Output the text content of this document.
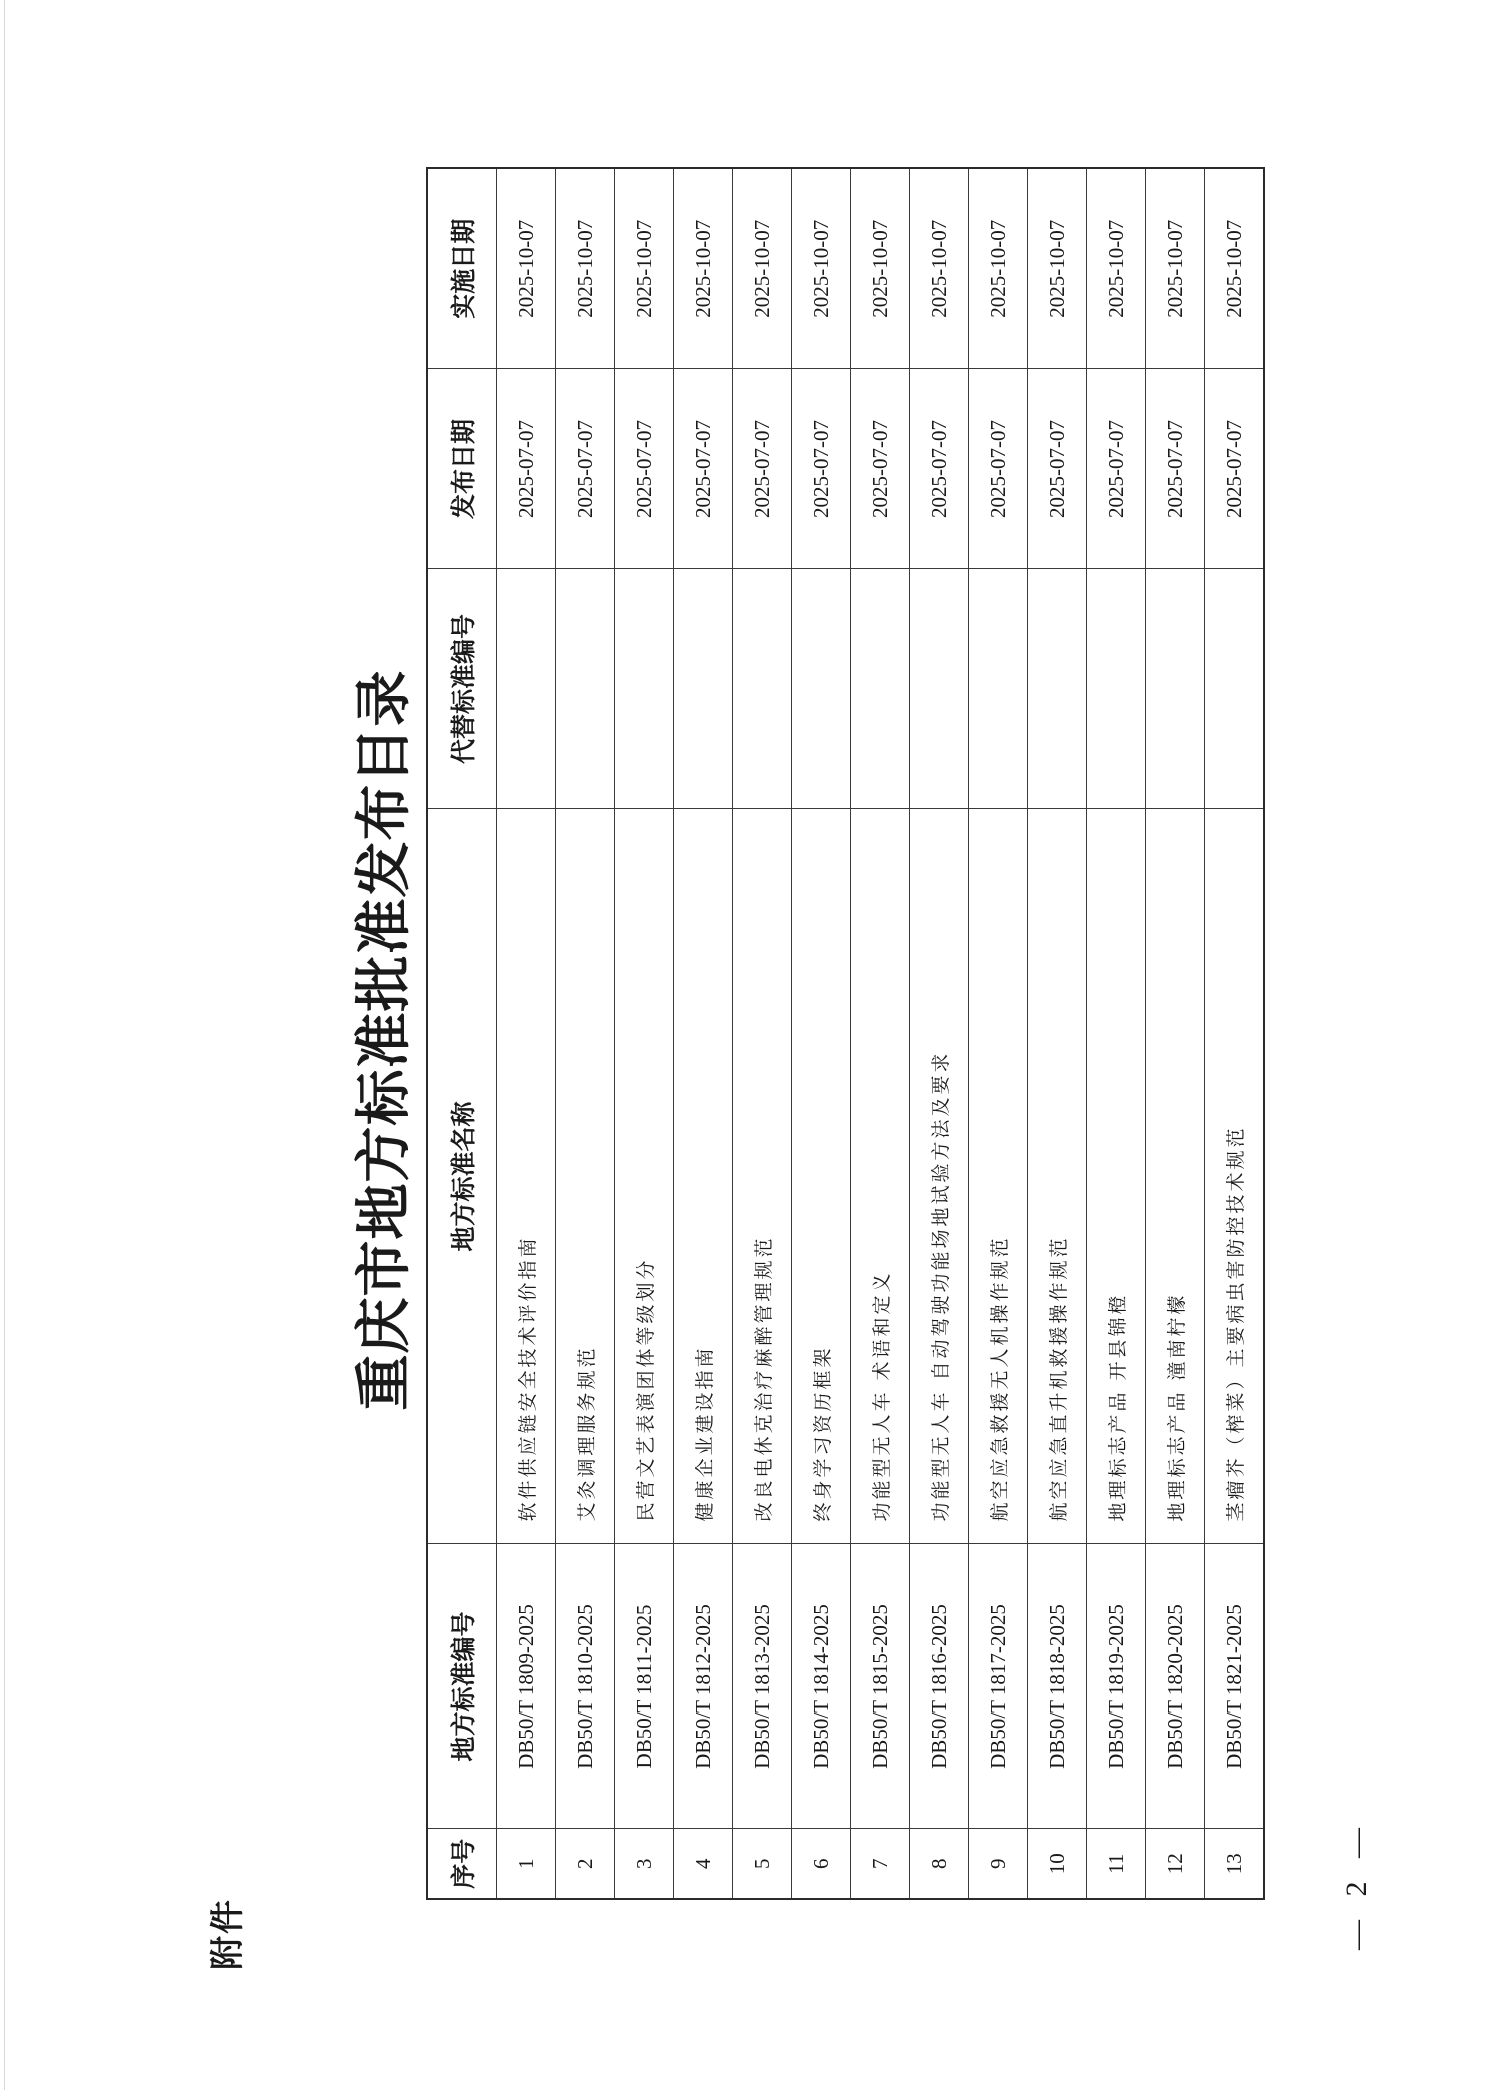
附件
重庆市地方标准批准发布目录
序号	地方标准编号	地方标准名称	代替标准编号	发布日期	实施日期
1	DB50/T 1809-2025	软件供应链安全技术评价指南		2025-07-07	2025-10-07
2	DB50/T 1810-2025	艾灸调理服务规范		2025-07-07	2025-10-07
3	DB50/T 1811-2025	民营文艺表演团体等级划分		2025-07-07	2025-10-07
4	DB50/T 1812-2025	健康企业建设指南		2025-07-07	2025-10-07
5	DB50/T 1813-2025	改良电休克治疗麻醉管理规范		2025-07-07	2025-10-07
6	DB50/T 1814-2025	终身学习资历框架		2025-07-07	2025-10-07
7	DB50/T 1815-2025	功能型无人车 术语和定义		2025-07-07	2025-10-07
8	DB50/T 1816-2025	功能型无人车 自动驾驶功能场地试验方法及要求		2025-07-07	2025-10-07
9	DB50/T 1817-2025	航空应急救援无人机操作规范		2025-07-07	2025-10-07
10	DB50/T 1818-2025	航空应急直升机救援操作规范		2025-07-07	2025-10-07
11	DB50/T 1819-2025	地理标志产品 开县锦橙		2025-07-07	2025-10-07
12	DB50/T 1820-2025	地理标志产品 潼南柠檬		2025-07-07	2025-10-07
13	DB50/T 1821-2025	茎瘤芥（榨菜）主要病虫害防控技术规范		2025-07-07	2025-10-07
— 2 —
